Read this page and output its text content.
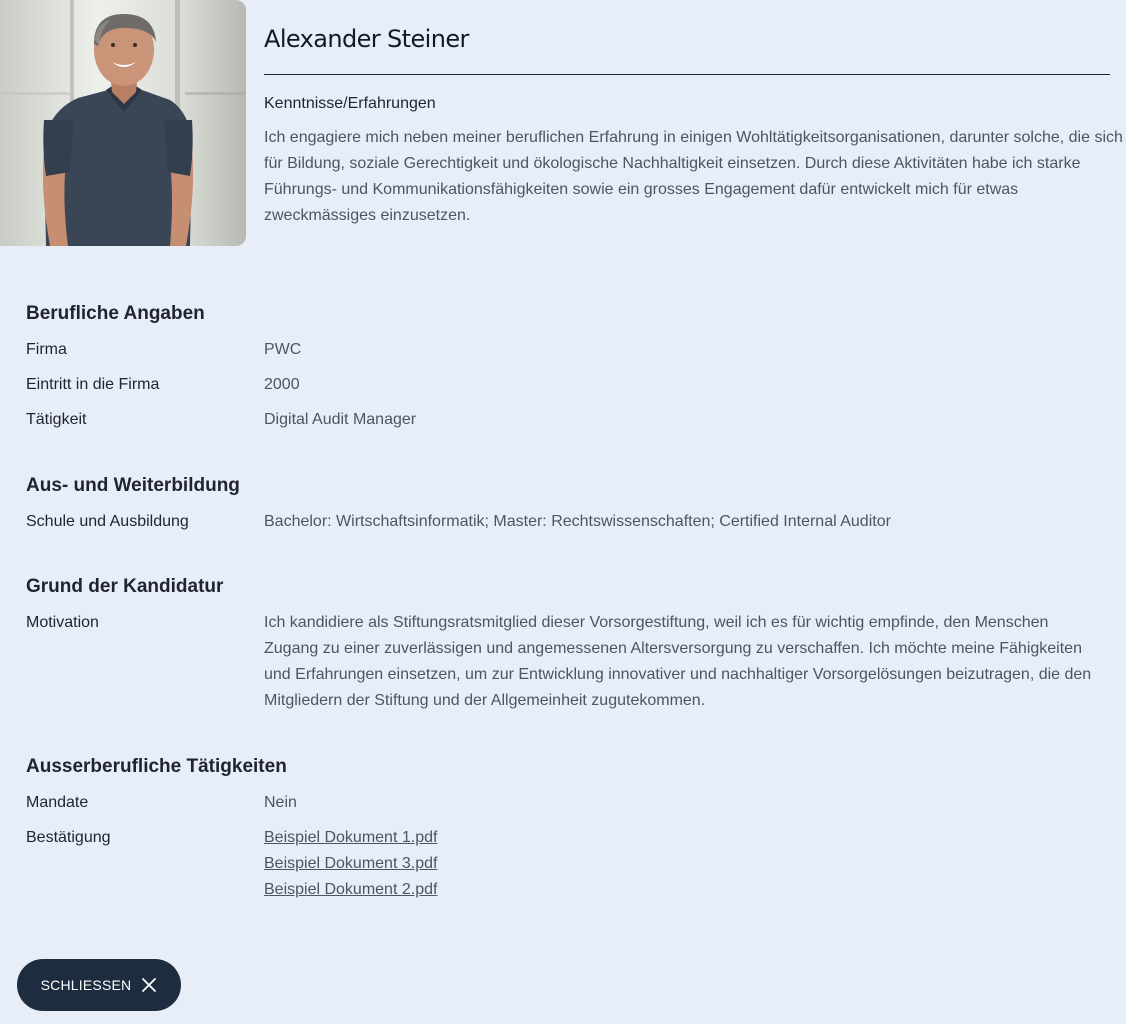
Alexander Steiner
Kenntnisse/Erfahrungen
Ich engagiere mich neben meiner beruflichen Erfahrung in einigen Wohltätigkeitsorganisationen, darunter solche, die sich für Bildung, soziale Gerechtigkeit und ökologische Nachhaltigkeit einsetzen. Durch diese Aktivitäten habe ich starke Führungs- und Kommunikationsfähigkeiten sowie ein grosses Engagement dafür entwickelt mich für etwas zweckmässiges einzusetzen.
Berufliche Angaben
Firma	PWC
Eintritt in die Firma	2000
Tätigkeit	Digital Audit Manager
Aus- und Weiterbildung
Schule und Ausbildung	Bachelor: Wirtschaftsinformatik; Master: Rechtswissenschaften; Certified Internal Auditor
Grund der Kandidatur
Motivation	Ich kandidiere als Stiftungsratsmitglied dieser Vorsorgestiftung, weil ich es für wichtig empfinde, den Menschen Zugang zu einer zuverlässigen und angemessenen Altersversorgung zu verschaffen. Ich möchte meine Fähigkeiten und Erfahrungen einsetzen, um zur Entwicklung innovativer und nachhaltiger Vorsorgelösungen beizutragen, die den Mitgliedern der Stiftung und der Allgemeinheit zugutekommen.
Ausserberufliche Tätigkeiten
Mandate	Nein
Bestätigung	Beispiel Dokument 1.pdf
Beispiel Dokument 3.pdf
Beispiel Dokument 2.pdf
SCHLIESSEN
